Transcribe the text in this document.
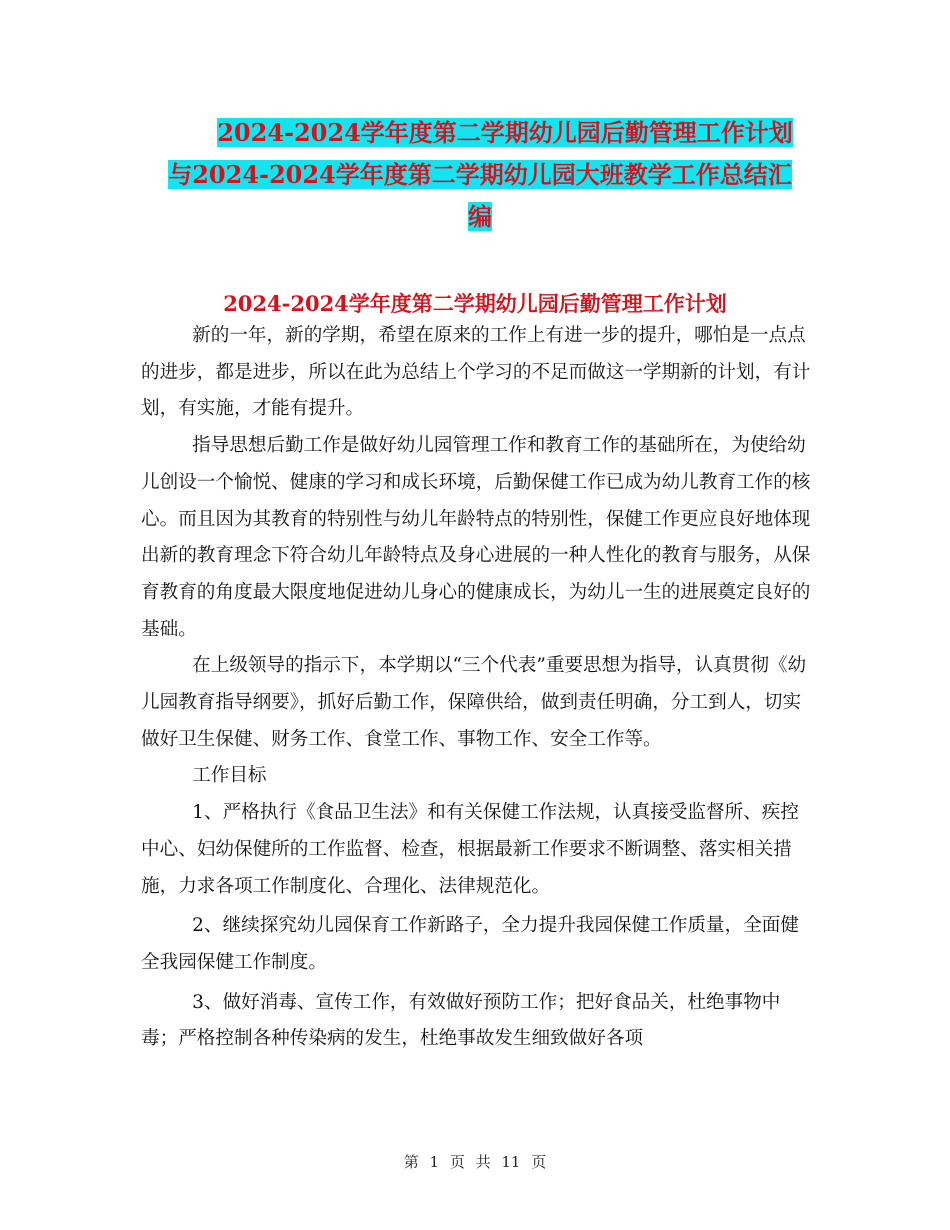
2024-2024学年度第二学期幼儿园后勤管理工作计划
与2024-2024学年度第二学期幼儿园大班教学工作总结汇
编
2024-2024学年度第二学期幼儿园后勤管理工作计划

新的一年，新的学期，希望在原来的工作上有进一步的提升，哪怕是一点点的进步，都是进步，所以在此为总结上个学习的不足而做这一学期新的计划，有计划，有实施，才能有提升。

指导思想后勤工作是做好幼儿园管理工作和教育工作的基础所在，为使给幼儿创设一个愉悦、健康的学习和成长环境，后勤保健工作已成为幼儿教育工作的核心。而且因为其教育的特别性与幼儿年龄特点的特别性，保健工作更应良好地体现出新的教育理念下符合幼儿年龄特点及身心进展的一种人性化的教育与服务，从保育教育的角度最大限度地促进幼儿身心的健康成长，为幼儿一生的进展奠定良好的基础。

在上级领导的指示下，本学期以“三个代表”重要思想为指导，认真贯彻《幼儿园教育指导纲要》，抓好后勤工作，保障供给，做到责任明确，分工到人，切实做好卫生保健、财务工作、食堂工作、事物工作、安全工作等。

工作目标

1、严格执行《食品卫生法》和有关保健工作法规，认真接受监督所、疾控中心、妇幼保健所的工作监督、检查，根据最新工作要求不断调整、落实相关措施，力求各项工作制度化、合理化、法律规范化。

2、继续探究幼儿园保育工作新路子，全力提升我园保健工作质量，全面健全我园保健工作制度。

3、做好消毒、宣传工作，有效做好预防工作；把好食品关，杜绝事物中毒；严格控制各种传染病的发生，杜绝事故发生细致做好各项

第 1 页 共 11 页
